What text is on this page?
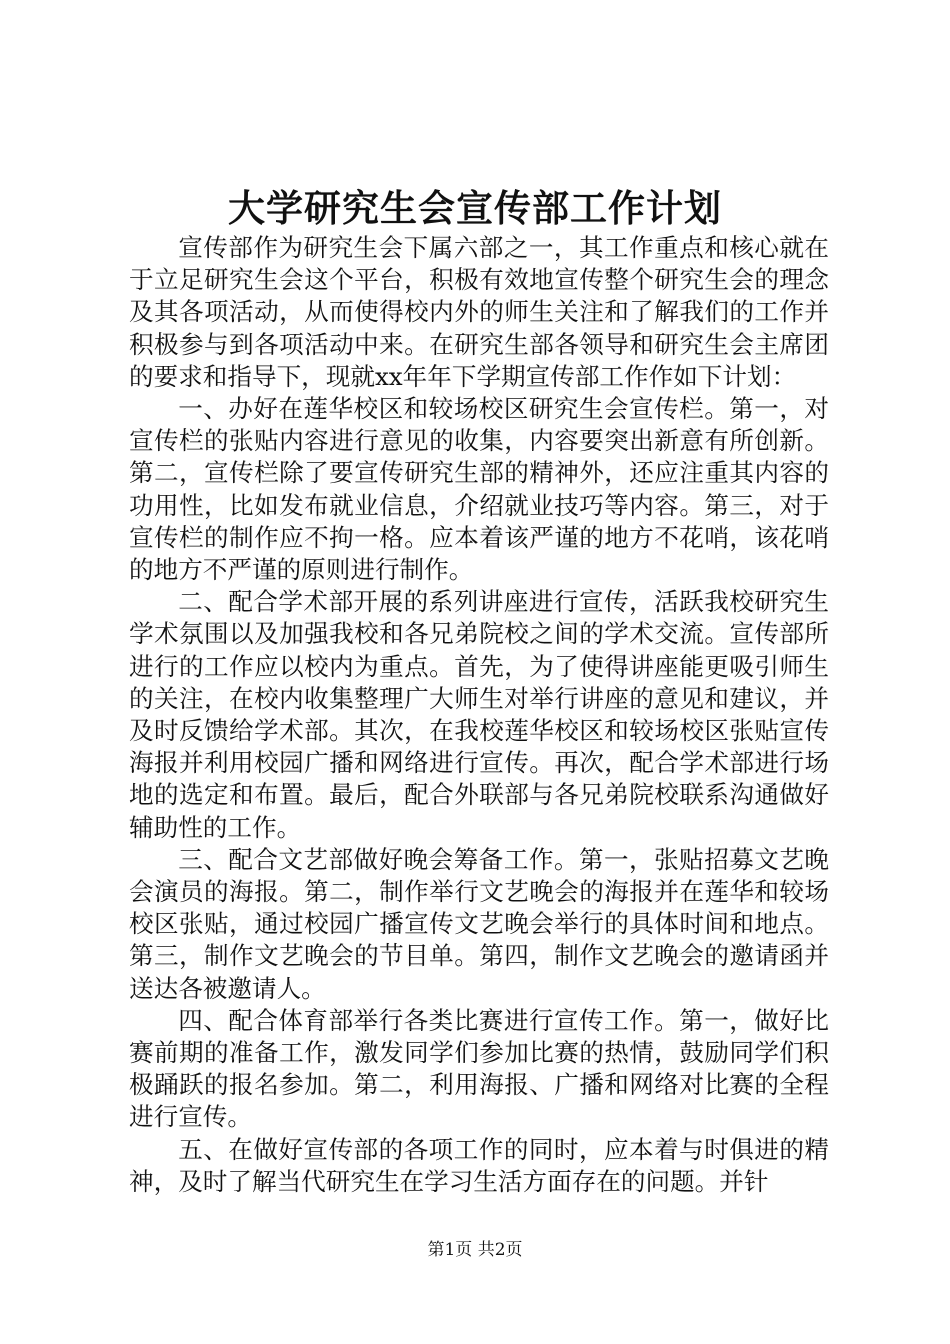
大学研究生会宣传部工作计划

宣传部作为研究生会下属六部之一，其工作重点和核心就在于立足研究生会这个平台，积极有效地宣传整个研究生会的理念及其各项活动，从而使得校内外的师生关注和了解我们的工作并积极参与到各项活动中来。在研究生部各领导和研究生会主席团的要求和指导下，现就xx年年下学期宣传部工作作如下计划：

一、办好在莲华校区和较场校区研究生会宣传栏。第一，对宣传栏的张贴内容进行意见的收集，内容要突出新意有所创新。第二，宣传栏除了要宣传研究生部的精神外，还应注重其内容的功用性，比如发布就业信息，介绍就业技巧等内容。第三，对于宣传栏的制作应不拘一格。应本着该严谨的地方不花哨，该花哨的地方不严谨的原则进行制作。

二、配合学术部开展的系列讲座进行宣传，活跃我校研究生学术氛围以及加强我校和各兄弟院校之间的学术交流。宣传部所进行的工作应以校内为重点。首先，为了使得讲座能更吸引师生的关注，在校内收集整理广大师生对举行讲座的意见和建议，并及时反馈给学术部。其次，在我校莲华校区和较场校区张贴宣传海报并利用校园广播和网络进行宣传。再次，配合学术部进行场地的选定和布置。最后，配合外联部与各兄弟院校联系沟通做好辅助性的工作。

三、配合文艺部做好晚会筹备工作。第一，张贴招募文艺晚会演员的海报。第二，制作举行文艺晚会的海报并在莲华和较场校区张贴，通过校园广播宣传文艺晚会举行的具体时间和地点。第三，制作文艺晚会的节目单。第四，制作文艺晚会的邀请函并送达各被邀请人。

四、配合体育部举行各类比赛进行宣传工作。第一，做好比赛前期的准备工作，激发同学们参加比赛的热情，鼓励同学们积极踊跃的报名参加。第二，利用海报、广播和网络对比赛的全程进行宣传。

五、在做好宣传部的各项工作的同时，应本着与时俱进的精神，及时了解当代研究生在学习生活方面存在的问题。并针

第1页 共2页
